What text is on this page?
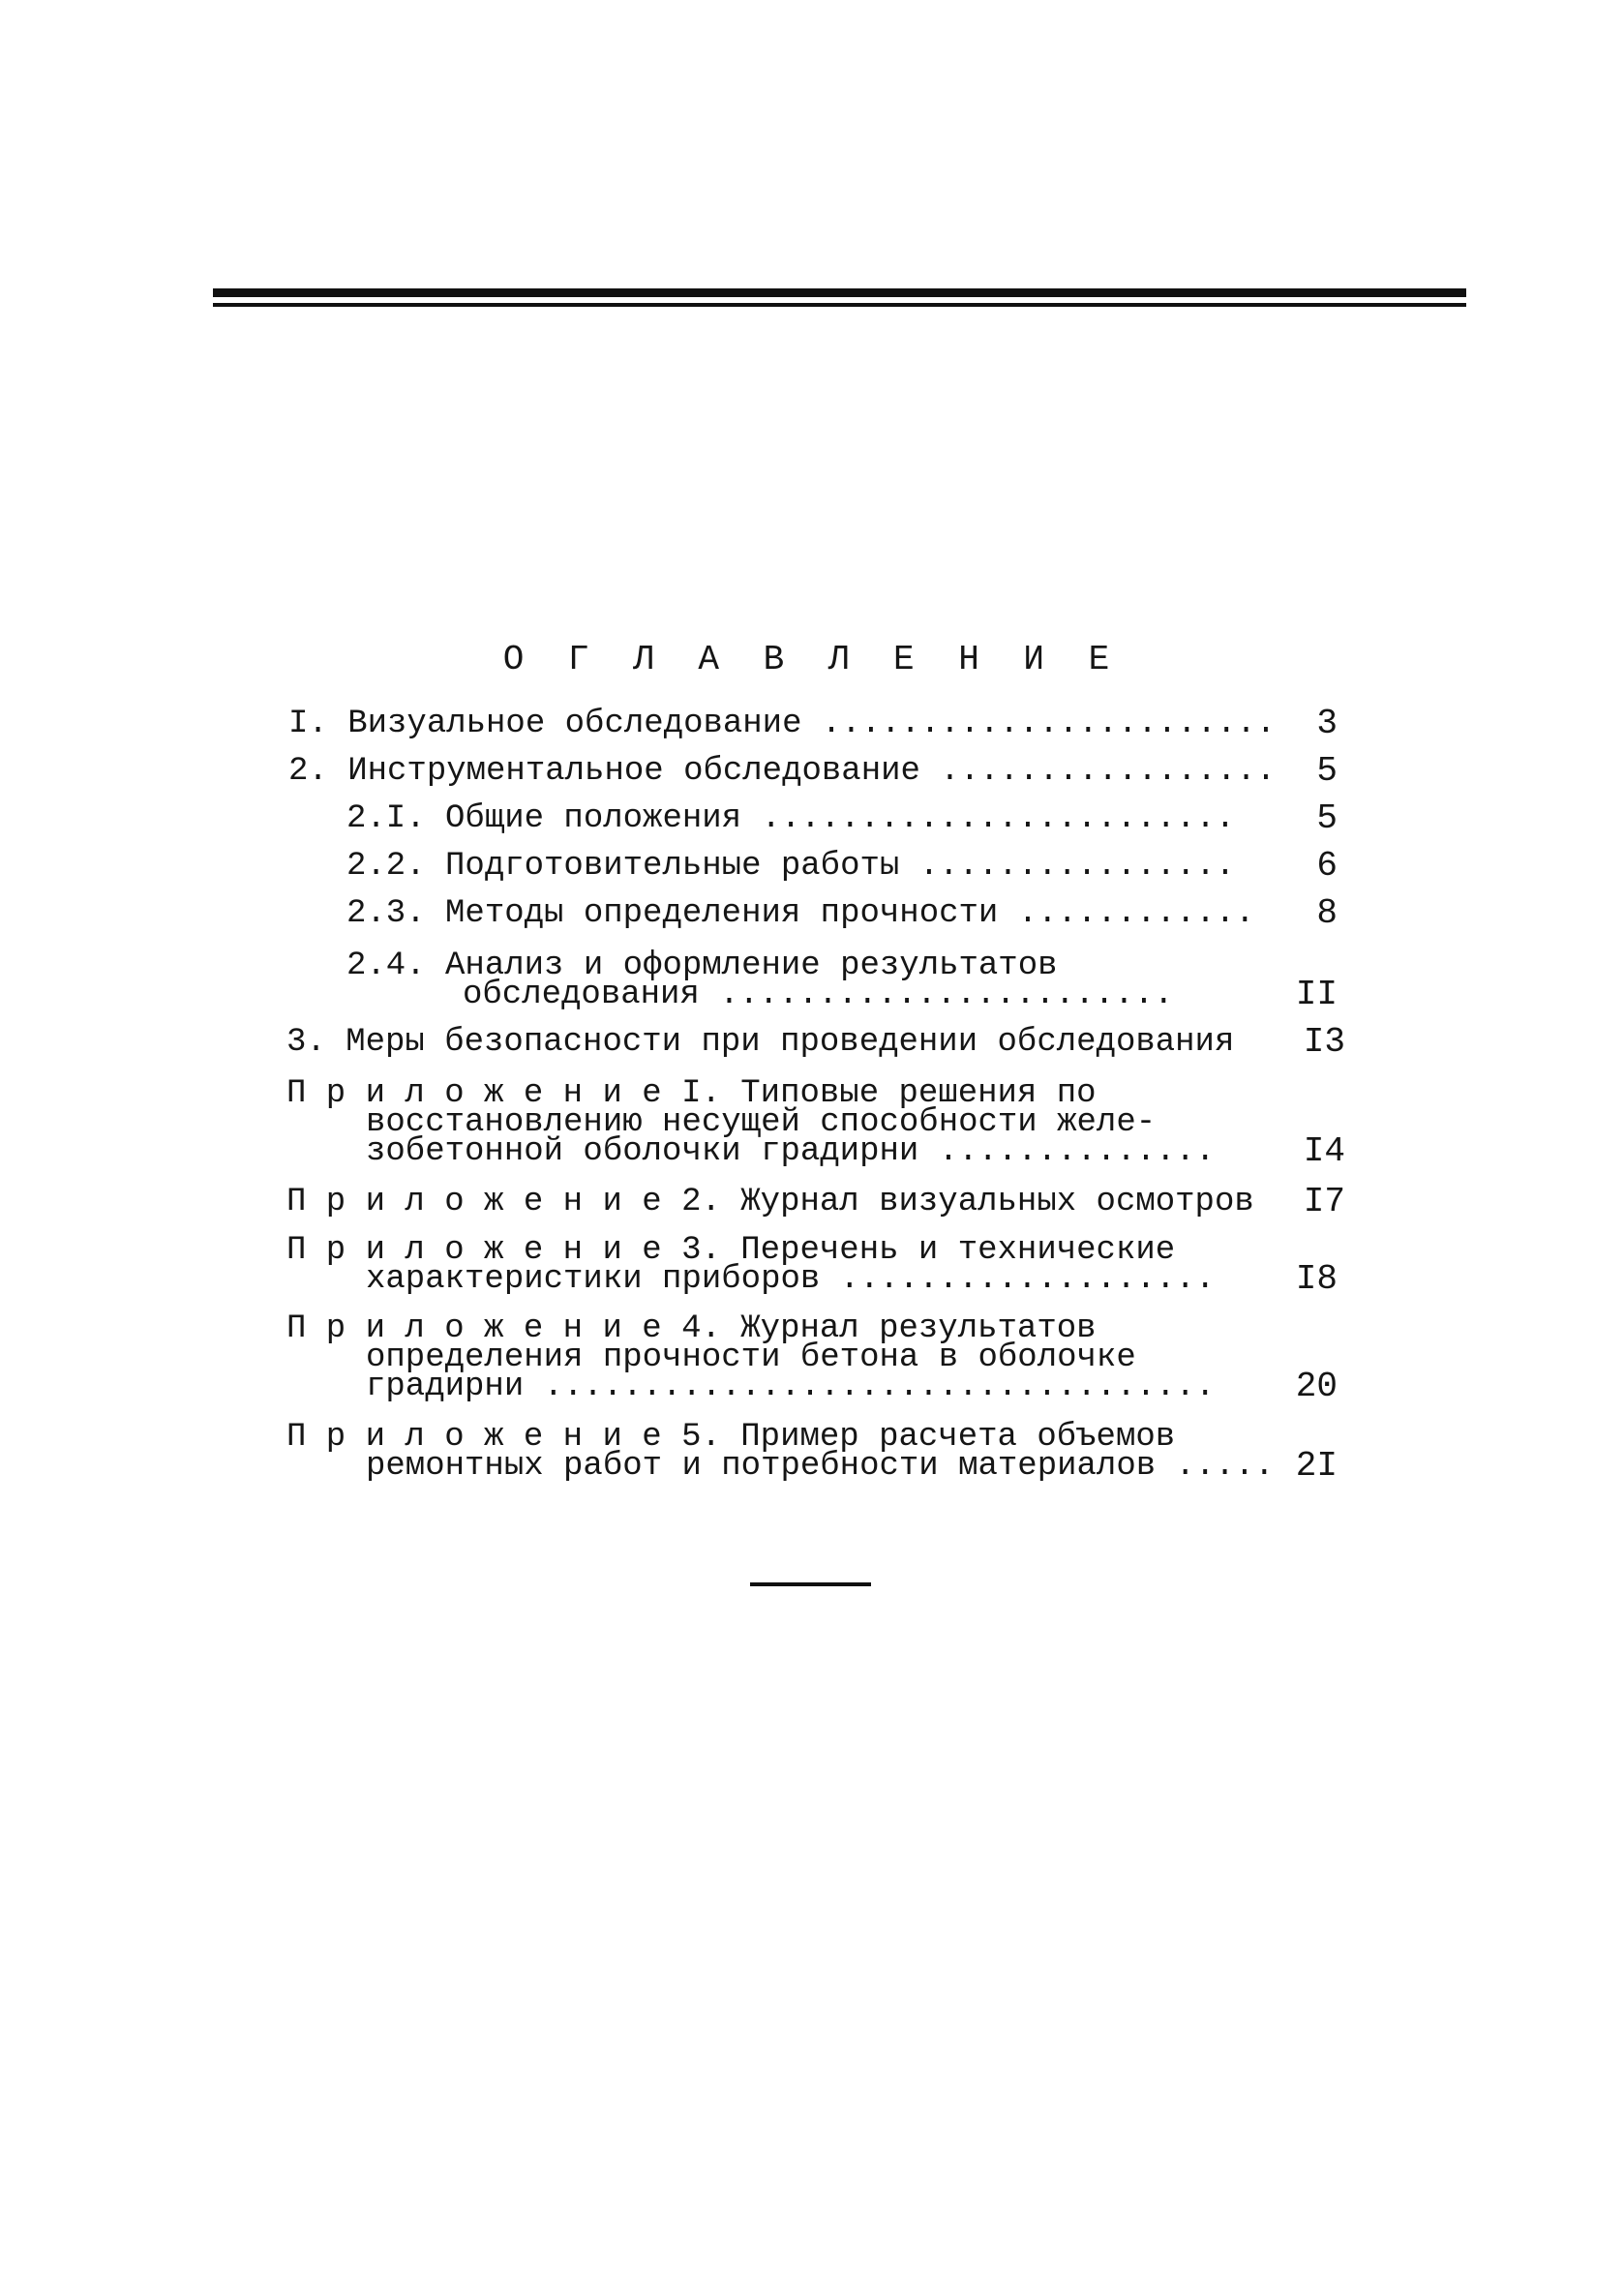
О Г Л А В Л Е Н И Е
I. Визуальное обследование .......................	3
2. Инструментальное обследование .................	5
2.I. Общие положения ........................	5
2.2. Подготовительные работы ................	6
2.3. Методы определения прочности ............	8
2.4. Анализ и оформление результатов
обследования .......................	II
3. Меры безопасности при проведении обследования	I3
П р и л о ж е н и е I. Типовые решения по
восстановлению несущей способности желе-
зобетонной оболочки градирни ..............	I4
П р и л о ж е н и е 2. Журнал визуальных осмотров	I7
П р и л о ж е н и е 3. Перечень и технические
характеристики приборов ...................	I8
П р и л о ж е н и е 4. Журнал результатов
определения прочности бетона в оболочке
градирни ..................................	20
П р и л о ж е н и е 5. Пример расчета объемов
ремонтных работ и потребности материалов ..... 2I
